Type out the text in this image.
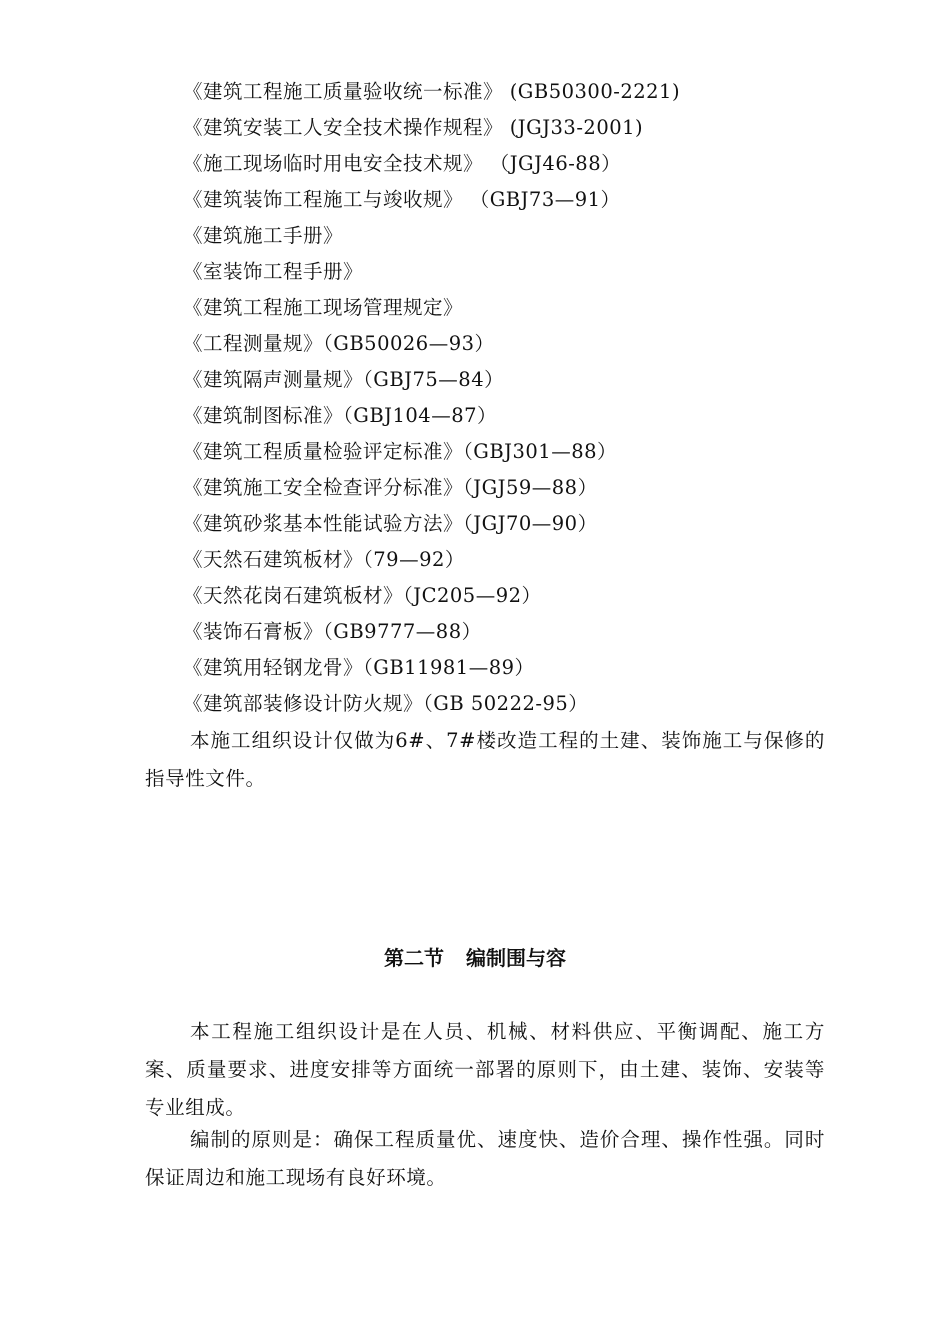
《建筑工程施工质量验收统一标准》 (GB50300-2221)
《建筑安装工人安全技术操作规程》 (JGJ33-2001)
《施工现场临时用电安全技术规》 （JGJ46-88）
《建筑装饰工程施工与竣收规》 （GBJ73—91）
《建筑施工手册》
《室装饰工程手册》
《建筑工程施工现场管理规定》
《工程测量规》（GB50026—93）
《建筑隔声测量规》（GBJ75—84）
《建筑制图标准》（GBJ104—87）
《建筑工程质量检验评定标准》（GBJ301—88）
《建筑施工安全检查评分标准》（JGJ59—88）
《建筑砂浆基本性能试验方法》（JGJ70—90）
《天然石建筑板材》（79—92）
《天然花岗石建筑板材》（JC205—92）
《装饰石膏板》（GB9777—88）
《建筑用轻钢龙骨》（GB11981—89）
《建筑部装修设计防火规》（GB 50222-95）

本施工组织设计仅做为6#、7#楼改造工程的土建、装饰施工与保修的指导性文件。

第二节 编制围与容

本工程施工组织设计是在人员、机械、材料供应、平衡调配、施工方案、质量要求、进度安排等方面统一部署的原则下，由土建、装饰、安装等专业组成。

编制的原则是：确保工程质量优、速度快、造价合理、操作性强。同时保证周边和施工现场有良好环境。
